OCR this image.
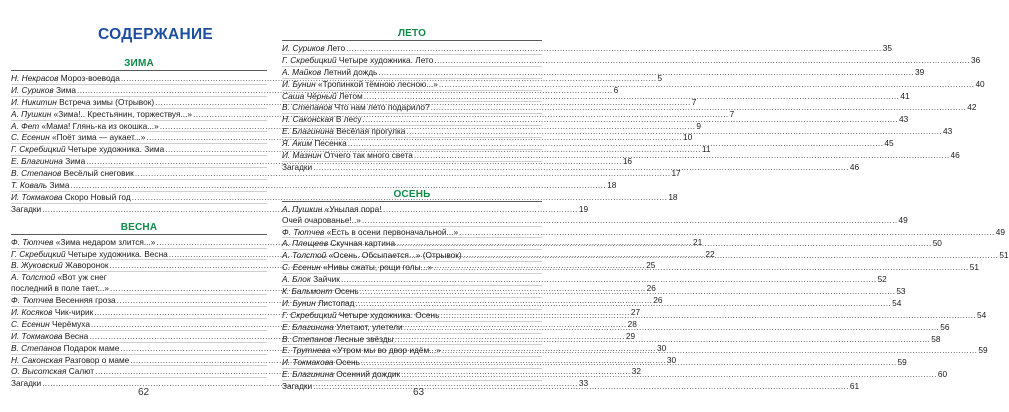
СОДЕРЖАНИЕ
ЗИМА
Н. Некрасов Мороз-воевода .....	5
И. Суриков Зима .....	6
И. Никитин Встреча зимы (Отрывок) .....	7
А. Пушкин «Зима!.. Крестьянин, торжествуя...» .....	7
А. Фет «Мама! Глянь-ка из окошка...» .....	9
С. Есенин «Поёт зима — аукает...» .....	10
Г. Скребицкий Четыре художника. Зима .....	11
Е. Благинина Зима .....	16
В. Степанов Весёлый снеговик .....	17
Т. Коваль Зима .....	18
И. Токмакова Скоро Новый год .....	18
Загадки .....	19
ВЕСНА
Ф. Тютчев «Зима недаром злится...» .....	21
Г. Скребицкий Четыре художника. Весна .....	22
В. Жуковский Жаворонок .....	25
А. Толстой «Вот уж снег
последний в поле тает...» .....	26
Ф. Тютчев Весенняя гроза .....	26
И. Косяков Чик-чирик .....	27
С. Есенин Черёмуха .....	28
И. Токмакова Весна .....	29
В. Степанов Подарок маме .....	30
Н. Саконская Разговор о маме .....	30
О. Высотская Салют .....	32
Загадки .....	33
62
ЛЕТО
И. Суриков Лето .....	35
Г. Скребицкий Четыре художника. Лето .....	36
А. Майков Летний дождь .....	39
И. Бунин «Тропинкой тёмною лесною...» .....	40
Саша Чёрный Летом .....	41
В. Степанов Что нам лето подарило? .....	42
Н. Саконская В лесу .....	43
Е. Благинина Весёлая прогулка .....	43
Я. Аким Песенка .....	45
И. Мазнин Отчего так много света .....	46
Загадки .....	46
ОСЕНЬ
А. Пушкин «Унылая пора!
Очей очарованье!..» .....	49
Ф. Тютчев «Есть в осени первоначальной...» .....	49
А. Плещеев Скучная картина .....	50
А. Толстой «Осень. Обсыпается...» (Отрывок) .....	51
С. Есенин «Нивы сжаты, рощи голы...» .....	51
А. Блок Зайчик .....	52
К. Бальмонт Осень .....	53
И. Бунин Листопад .....	54
Г. Скребицкий Четыре художника. Осень .....	54
Е. Благинина Улетают, улетели .....	56
В. Степанов Лесные звёзды .....	58
Е. Трутнева «Утром мы во двор идём...» .....	59
И. Токмакова Осень .....	59
Е. Благинина Осенний дождик .....	60
Загадки .....	61
63
